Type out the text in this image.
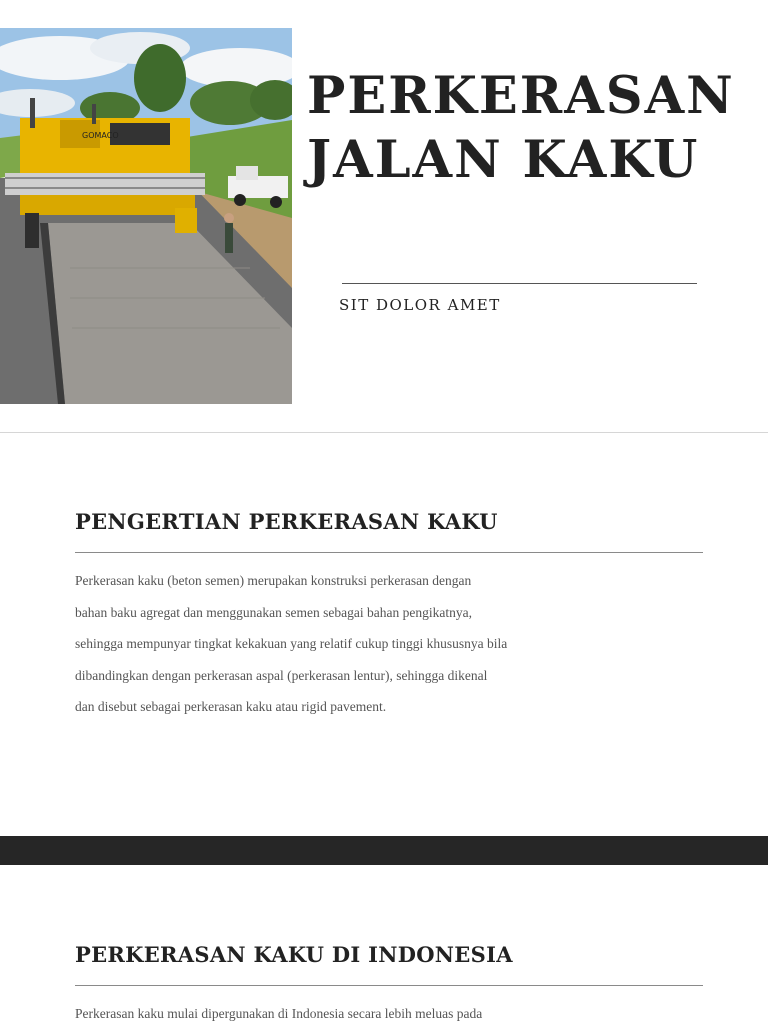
GOMACO
PERKERASAN
JALAN KAKU

SIT DOLOR AMET

PENGERTIAN PERKERASAN KAKU
Perkerasan kaku (beton semen) merupakan konstruksi perkerasan dengan
bahan baku agregat dan menggunakan semen sebagai bahan pengikatnya,
sehingga mempunyar tingkat kekakuan yang relatif cukup tinggi khususnya bila
dibandingkan dengan perkerasan aspal (perkerasan lentur), sehingga dikenal
dan disebut sebagai perkerasan kaku atau rigid pavement.
PERKERASAN KAKU DI INDONESIA
Perkerasan kaku mulai dipergunakan di Indonesia secara lebih meluas pada
